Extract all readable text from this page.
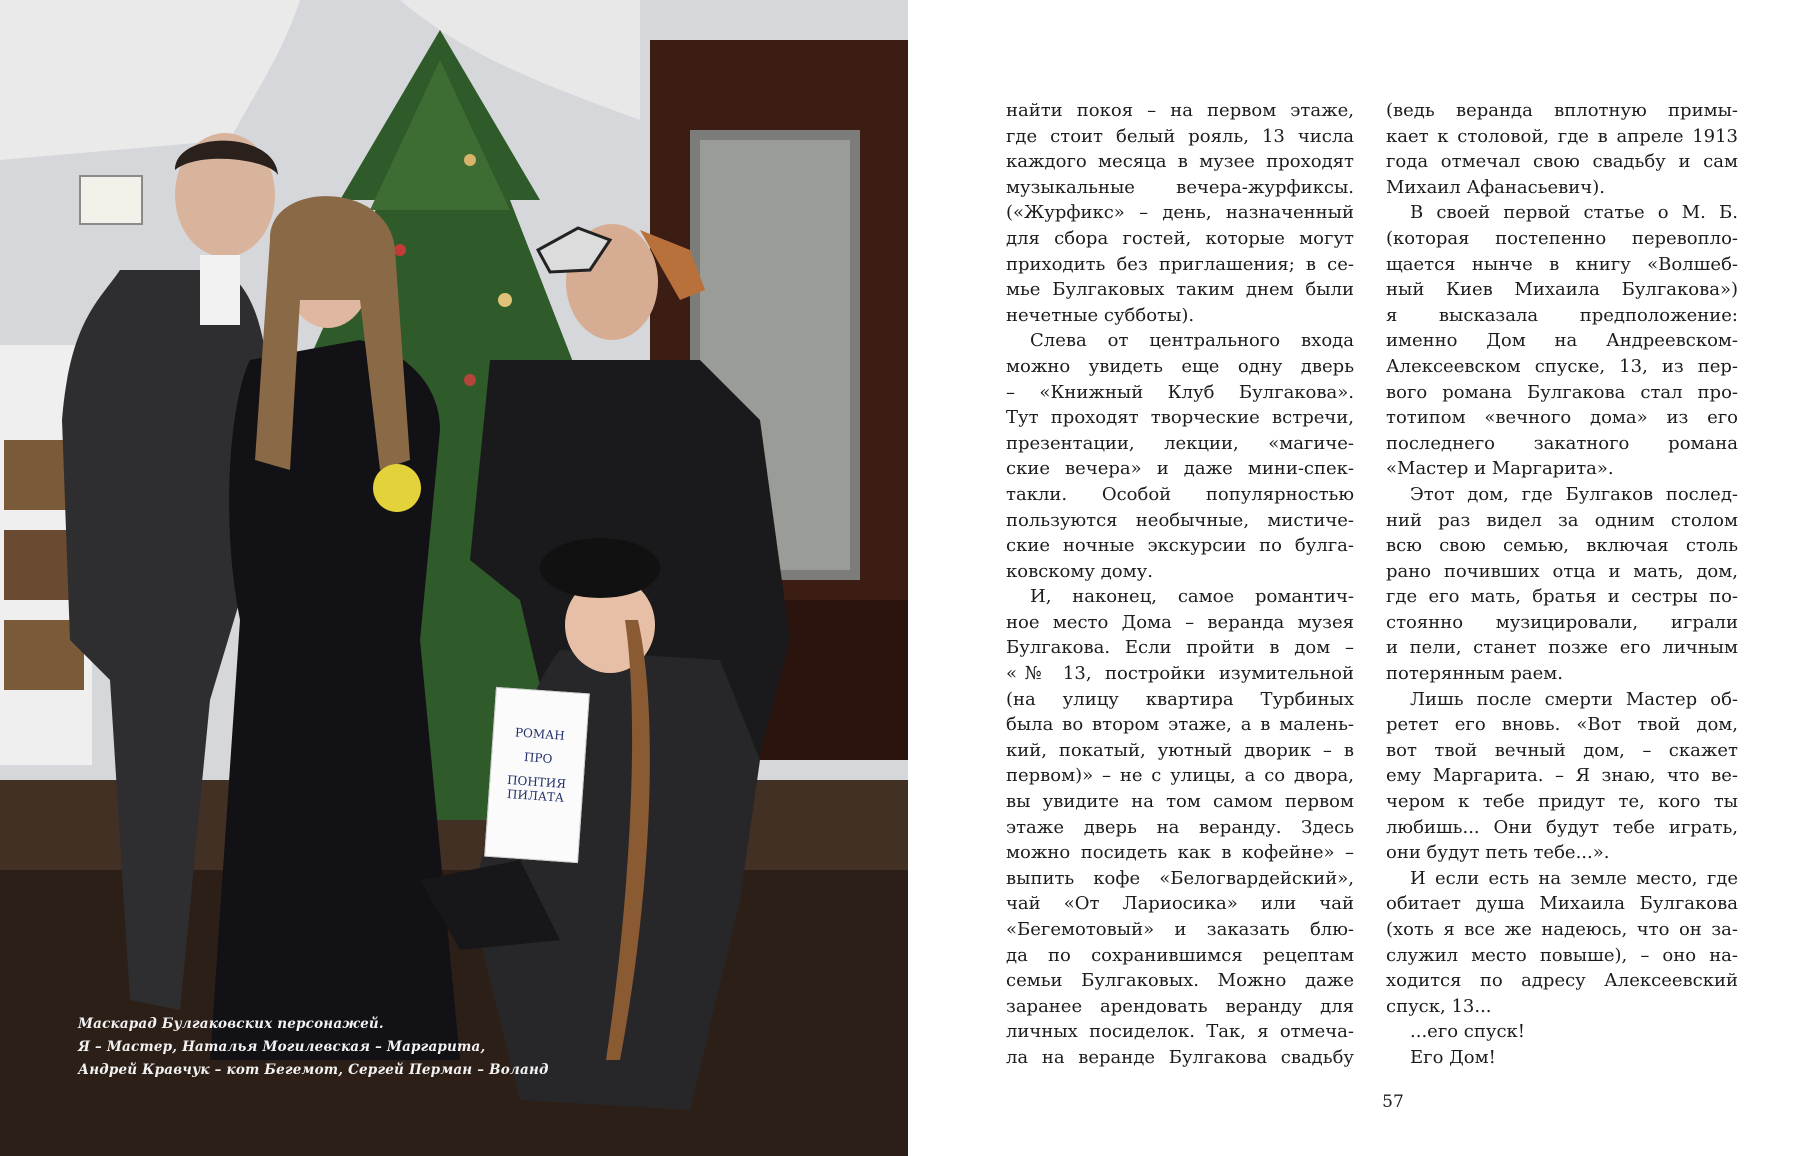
РОМАН
ПРО
ПОНТИЯ
ПИЛАТА
Маскарад Булгаковских персонажей.
Я – Мастер, Наталья Могилевская – Маргарита,
Андрей Кравчук – кот Бегемот, Сергей Перман – Воланд
найти покоя – на первом этаже,
где стоит белый рояль, 13 числа
каждого месяца в музее проходят
музыкальные вечера-журфиксы.
(«Журфикс» – день, назначенный
для сбора гостей, которые могут
приходить без приглашения; в се-
мье Булгаковых таким днем были
нечетные субботы).
Слева от центрального входа
можно увидеть еще одну дверь
– «Книжный Клуб Булгакова».
Тут проходят творческие встречи,
презентации, лекции, «магиче-
ские вечера» и даже мини-спек-
такли. Особой популярностью
пользуются необычные, мистиче-
ские ночные экскурсии по булга-
ковскому дому.
И, наконец, самое романтич-
ное место Дома – веранда музея
Булгакова. Если пройти в дом –
«№ 13, постройки изумительной
(на улицу квартира Турбиных
была во втором этаже, а в малень-
кий, покатый, уютный дворик – в
первом)» – не с улицы, а со двора,
вы увидите на том самом первом
этаже дверь на веранду. Здесь
можно посидеть как в кофейне» –
выпить кофе «Белогвардейский»,
чай «От Лариосика» или чай
«Бегемотовый» и заказать блю-
да по сохранившимся рецептам
семьи Булгаковых. Можно даже
заранее арендовать веранду для
личных посиделок. Так, я отмеча-
ла на веранде Булгакова свадьбу
(ведь веранда вплотную примы-
кает к столовой, где в апреле 1913
года отмечал свою свадьбу и сам
Михаил Афанасьевич).
В своей первой статье о М. Б.
(которая постепенно перевопло-
щается нынче в книгу «Волшеб-
ный Киев Михаила Булгакова»)
я высказала предположение:
именно Дом на Андреевском-
Алексеевском спуске, 13, из пер-
вого романа Булгакова стал про-
тотипом «вечного дома» из его
последнего закатного романа
«Мастер и Маргарита».
Этот дом, где Булгаков послед-
ний раз видел за одним столом
всю свою семью, включая столь
рано почивших отца и мать, дом,
где его мать, братья и сестры по-
стоянно музицировали, играли
и пели, станет позже его личным
потерянным раем.
Лишь после смерти Мастер об-
ретет его вновь. «Вот твой дом,
вот твой вечный дом, – скажет
ему Маргарита. – Я знаю, что ве-
чером к тебе придут те, кого ты
любишь... Они будут тебе играть,
они будут петь тебе...».
И если есть на земле место, где
обитает душа Михаила Булгакова
(хоть я все же надеюсь, что он за-
служил место повыше), – оно на-
ходится по адресу Алексеевский
спуск, 13...
...его спуск!
Его Дом!
57
